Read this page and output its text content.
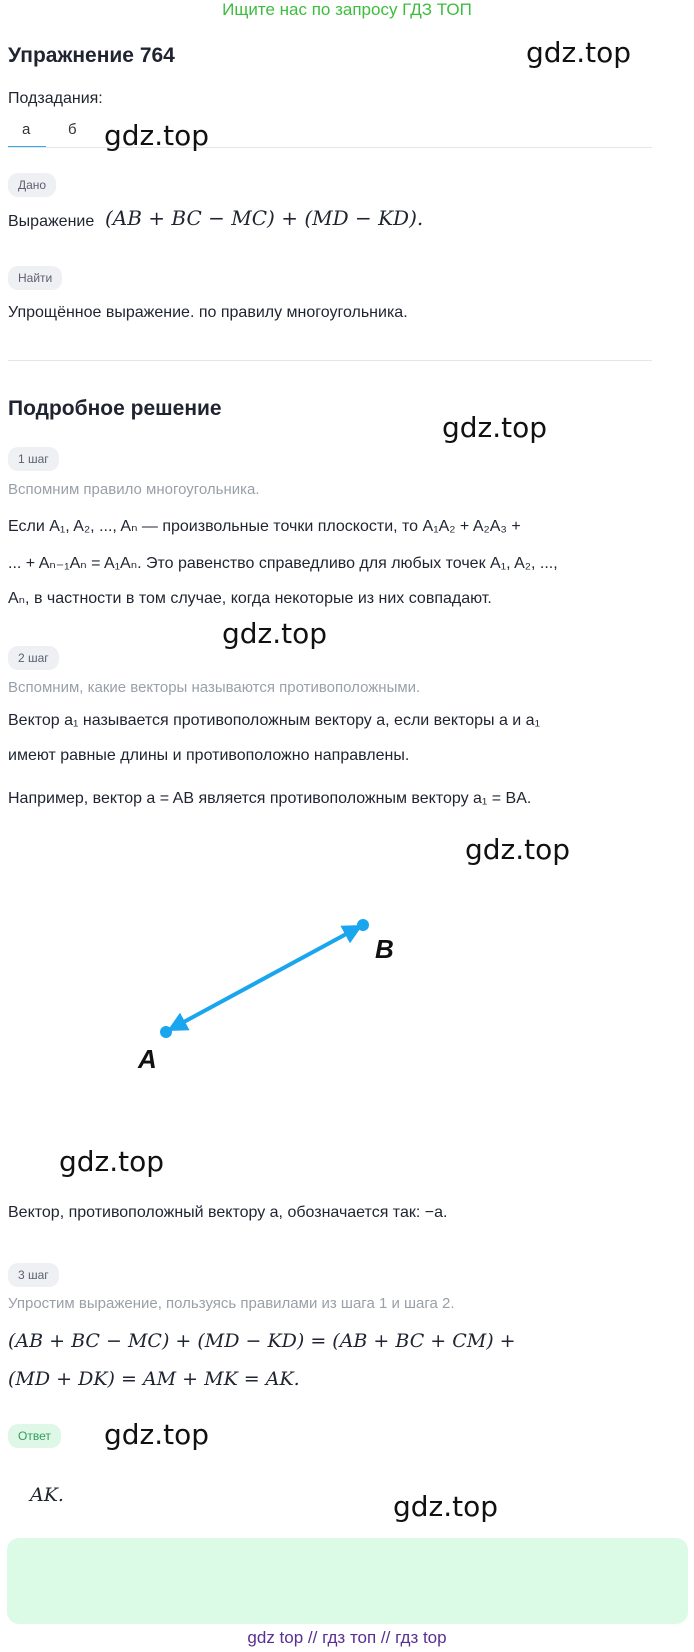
Ищите нас по запросу ГДЗ ТОП
Упражнение 764	gdz.top
Подзадания:
а	б gdz.top
Дано
Выражение (AB + BC − MC) + (MD − KD).
Найти
Упрощённое выражение. по правилу многоугольника.
Подробное решение
gdz.top
1 шаг
Вспомним правило многоугольника.
Если A₁, A₂, ..., Aₙ — произвольные точки плоскости, то A₁A₂ + A₂A₃ +
... + Aₙ₋₁Aₙ = A₁Aₙ. Это равенство справедливо для любых точек A₁, A₂, ...,
Aₙ, в частности в том случае, когда некоторые из них совпадают.
gdz.top
2 шаг
Вспомним, какие векторы называются противоположными.
Вектор a₁ называется противоположным вектору a, если векторы a и a₁
имеют равные длины и противоположно направлены.
Например, вектор a = AB является противоположным вектору a₁ = BA.
gdz.top
A
B
gdz.top
Вектор, противоположный вектору a, обозначается так: −a.
3 шаг
Упростим выражение, пользуясь правилами из шага 1 и шага 2.
(AB + BC − MC) + (MD − KD) = (AB + BC + CM) +
(MD + DK) = AM + MK = AK.
Ответ	gdz.top
AK.	gdz.top
gdz top // гдз топ // гдз top
